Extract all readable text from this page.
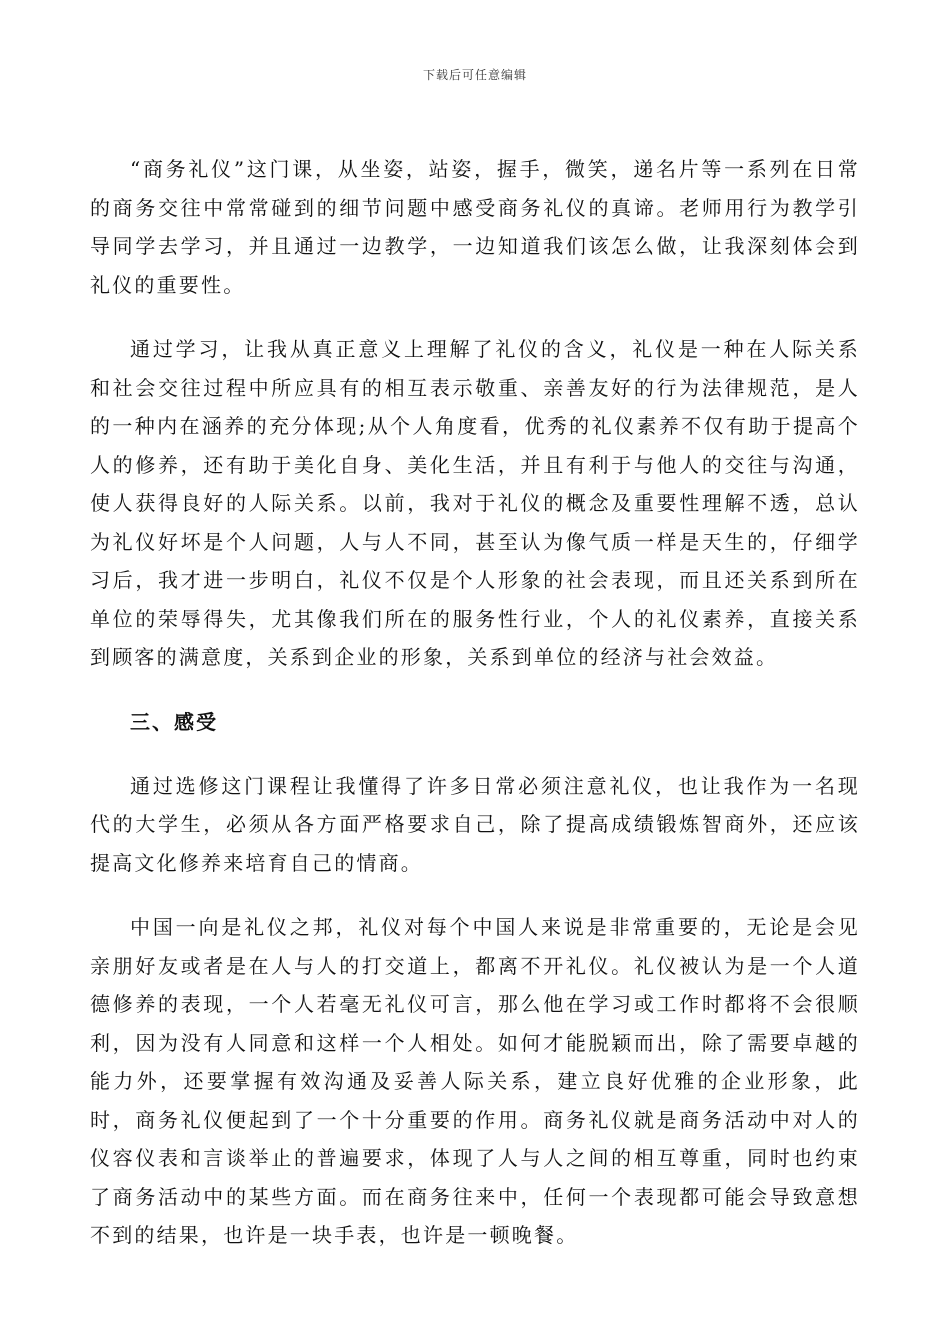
下载后可任意编辑

“商务礼仪”这门课，从坐姿，站姿，握手，微笑，递名片等一系列在日常的商务交往中常常碰到的细节问题中感受商务礼仪的真谛。老师用行为教学引导同学去学习，并且通过一边教学，一边知道我们该怎么做，让我深刻体会到礼仪的重要性。

通过学习，让我从真正意义上理解了礼仪的含义，礼仪是一种在人际关系和社会交往过程中所应具有的相互表示敬重、亲善友好的行为法律规范，是人的一种内在涵养的充分体现;从个人角度看，优秀的礼仪素养不仅有助于提高个人的修养，还有助于美化自身、美化生活，并且有利于与他人的交往与沟通，使人获得良好的人际关系。以前，我对于礼仪的概念及重要性理解不透，总认为礼仪好坏是个人问题，人与人不同，甚至认为像气质一样是天生的，仔细学习后，我才进一步明白，礼仪不仅是个人形象的社会表现，而且还关系到所在单位的荣辱得失，尤其像我们所在的服务性行业，个人的礼仪素养，直接关系到顾客的满意度，关系到企业的形象，关系到单位的经济与社会效益。

三、感受

通过选修这门课程让我懂得了许多日常必须注意礼仪，也让我作为一名现代的大学生，必须从各方面严格要求自己，除了提高成绩锻炼智商外，还应该提高文化修养来培育自己的情商。

中国一向是礼仪之邦，礼仪对每个中国人来说是非常重要的，无论是会见亲朋好友或者是在人与人的打交道上，都离不开礼仪。礼仪被认为是一个人道德修养的表现，一个人若毫无礼仪可言，那么他在学习或工作时都将不会很顺利，因为没有人同意和这样一个人相处。如何才能脱颖而出，除了需要卓越的能力外，还要掌握有效沟通及妥善人际关系，建立良好优雅的企业形象，此时，商务礼仪便起到了一个十分重要的作用。商务礼仪就是商务活动中对人的仪容仪表和言谈举止的普遍要求，体现了人与人之间的相互尊重，同时也约束了商务活动中的某些方面。而在商务往来中，任何一个表现都可能会导致意想不到的结果，也许是一块手表，也许是一顿晚餐。
